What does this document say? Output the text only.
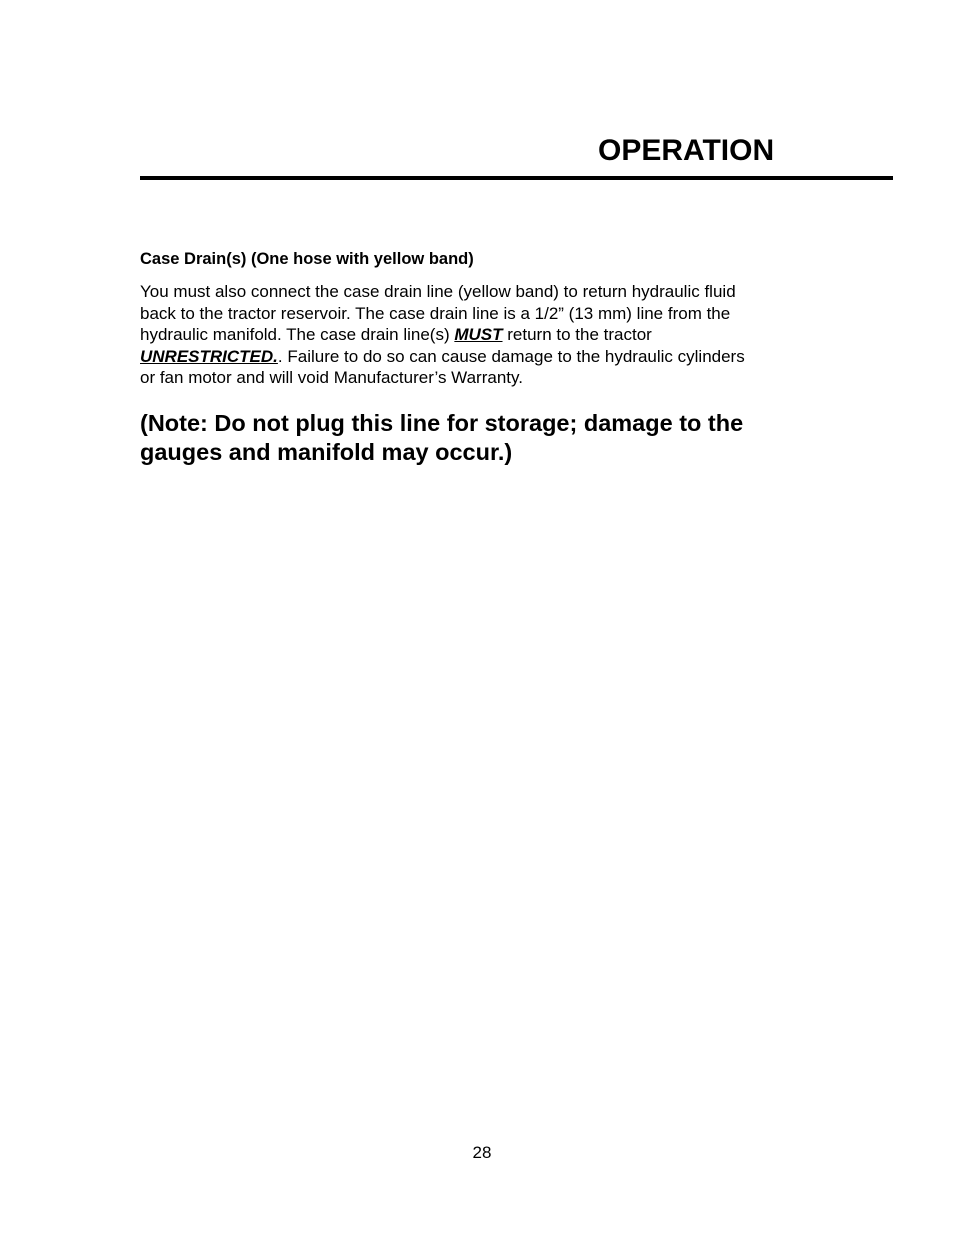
OPERATION
Case Drain(s) (One hose with yellow band)

You must also connect the case drain line (yellow band) to return hydraulic fluid
back to the tractor reservoir. The case drain line is a 1/2” (13 mm) line from the
hydraulic manifold. The case drain line(s) MUST return to the tractor
UNRESTRICTED.. Failure to do so can cause damage to the hydraulic cylinders
or fan motor and will void Manufacturer’s Warranty.

(Note: Do not plug this line for storage; damage to the
gauges and manifold may occur.)

28
